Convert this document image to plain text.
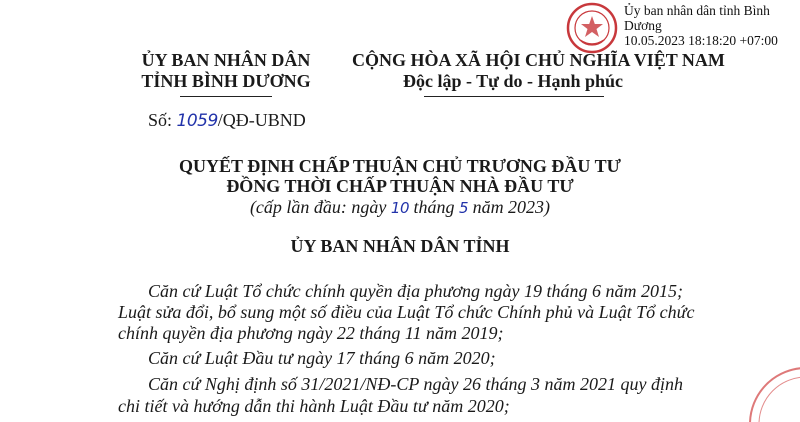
Ủy ban nhân dân tỉnh Bình
Dương
10.05.2023 18:18:20 +07:00
ỦY BAN NHÂN DÂN
TỈNH BÌNH DƯƠNG
Số: 1059/QĐ-UBND
CỘNG HÒA XÃ HỘI CHỦ NGHĨA VIỆT NAM
Độc lập - Tự do - Hạnh phúc
QUYẾT ĐỊNH CHẤP THUẬN CHỦ TRƯƠNG ĐẦU TƯ
ĐỒNG THỜI CHẤP THUẬN NHÀ ĐẦU TƯ
(cấp lần đầu: ngày 10 tháng 5 năm 2023)
ỦY BAN NHÂN DÂN TỈNH
Căn cứ Luật Tổ chức chính quyền địa phương ngày 19 tháng 6 năm 2015;
Luật sửa đổi, bổ sung một số điều của Luật Tổ chức Chính phủ và Luật Tổ chức
chính quyền địa phương ngày 22 tháng 11 năm 2019;
Căn cứ Luật Đầu tư ngày 17 tháng 6 năm 2020;
Căn cứ Nghị định số 31/2021/NĐ-CP ngày 26 tháng 3 năm 2021 quy định
chi tiết và hướng dẫn thi hành Luật Đầu tư năm 2020;
